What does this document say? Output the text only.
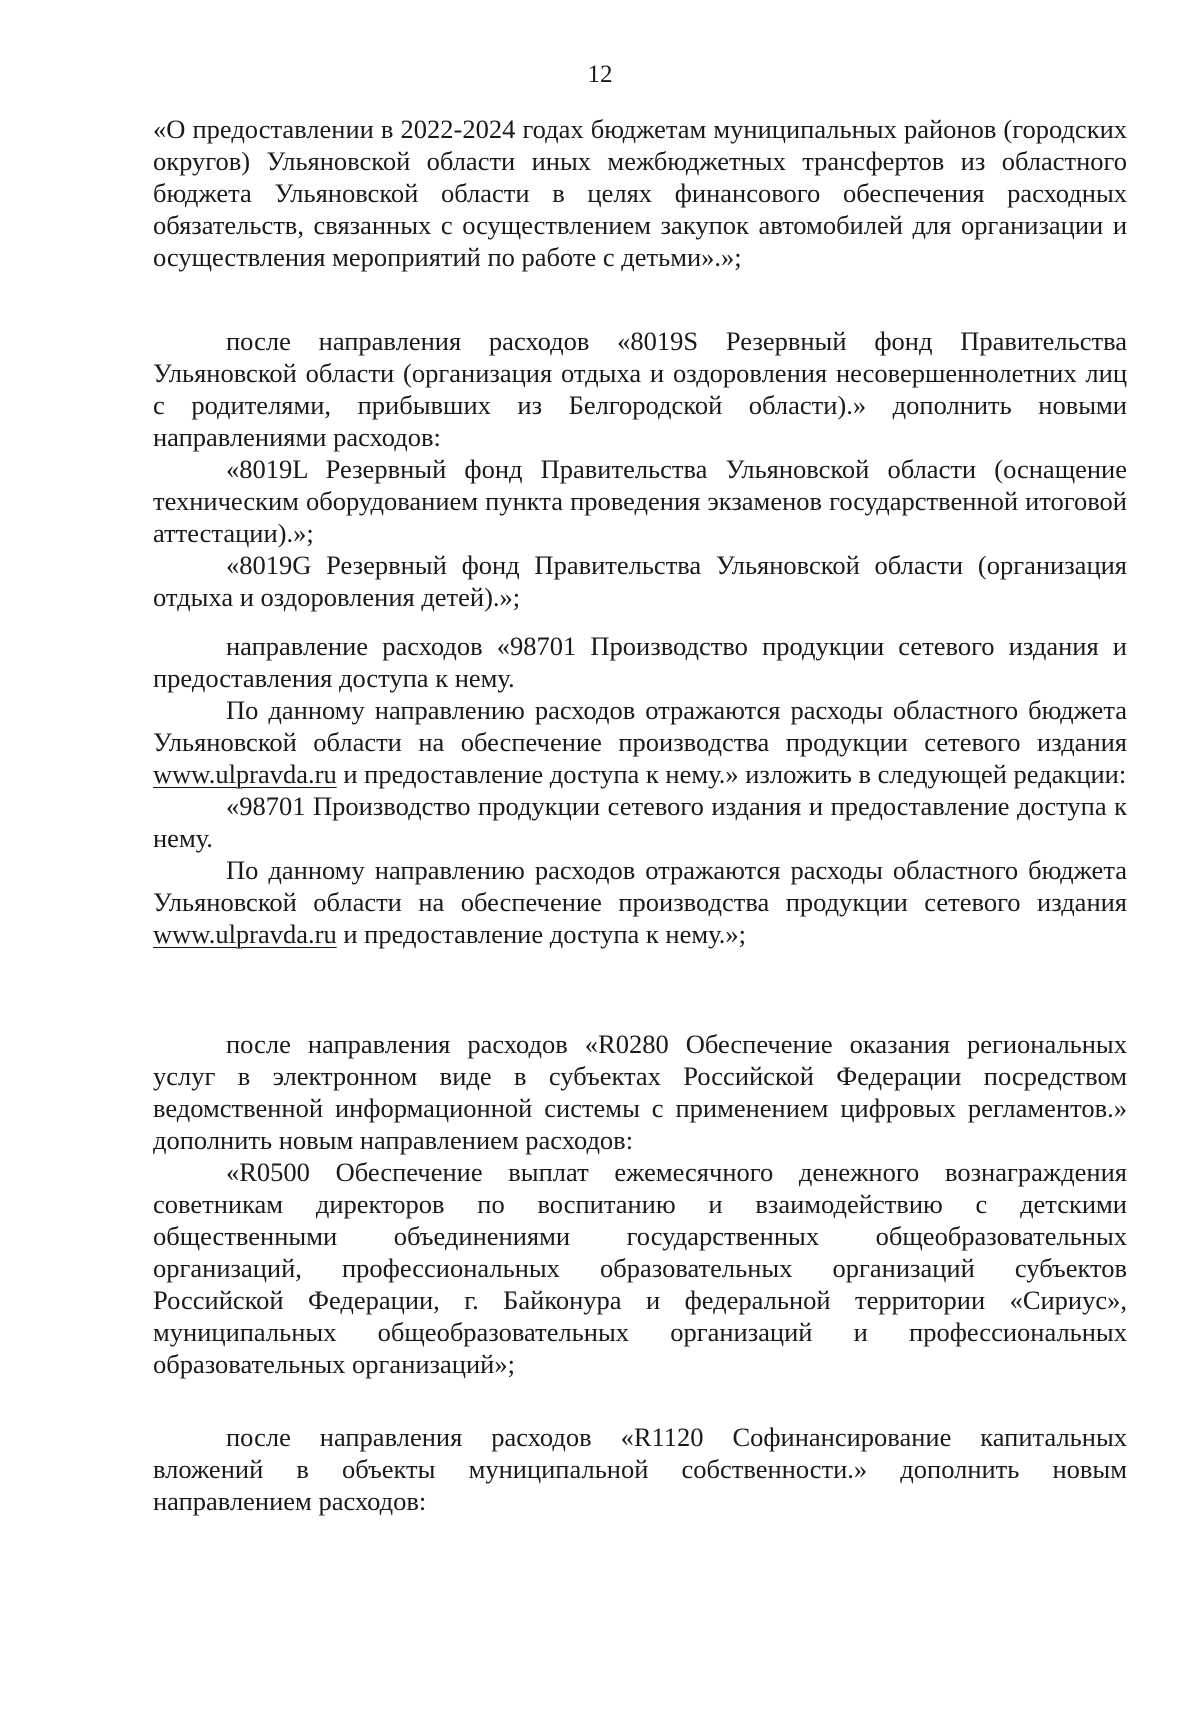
12

«О предоставлении в 2022-2024 годах бюджетам муниципальных районов (городских округов) Ульяновской области иных межбюджетных трансфертов из областного бюджета Ульяновской области в целях финансового обеспечения расходных обязательств, связанных с осуществлением закупок автомобилей для организации и осуществления мероприятий по работе с детьми».»;

после направления расходов «8019S Резервный фонд Правительства Ульяновской области (организация отдыха и оздоровления несовершеннолетних лиц с родителями, прибывших из Белгородской области).» дополнить новыми направлениями расходов:

«8019L Резервный фонд Правительства Ульяновской области (оснащение техническим оборудованием пункта проведения экзаменов государственной итоговой аттестации).»;

«8019G Резервный фонд Правительства Ульяновской области (организация отдыха и оздоровления детей).»;

направление расходов «98701 Производство продукции сетевого издания и предоставления доступа к нему.

По данному направлению расходов отражаются расходы областного бюджета Ульяновской области на обеспечение производства продукции сетевого издания www.ulpravda.ru и предоставление доступа к нему.» изложить в следующей редакции:

«98701 Производство продукции сетевого издания и предоставление доступа к нему.

По данному направлению расходов отражаются расходы областного бюджета Ульяновской области на обеспечение производства продукции сетевого издания www.ulpravda.ru и предоставление доступа к нему.»;

после направления расходов «R0280 Обеспечение оказания региональных услуг в электронном виде в субъектах Российской Федерации посредством ведомственной информационной системы с применением цифровых регламентов.» дополнить новым направлением расходов:

«R0500 Обеспечение выплат ежемесячного денежного вознаграждения советникам директоров по воспитанию и взаимодействию с детскими общественными объединениями государственных общеобразовательных организаций, профессиональных образовательных организаций субъектов Российской Федерации, г. Байконура и федеральной территории «Сириус», муниципальных общеобразовательных организаций и профессиональных образовательных организаций»;

после направления расходов «R1120 Софинансирование капитальных вложений в объекты муниципальной собственности.» дополнить новым направлением расходов:
